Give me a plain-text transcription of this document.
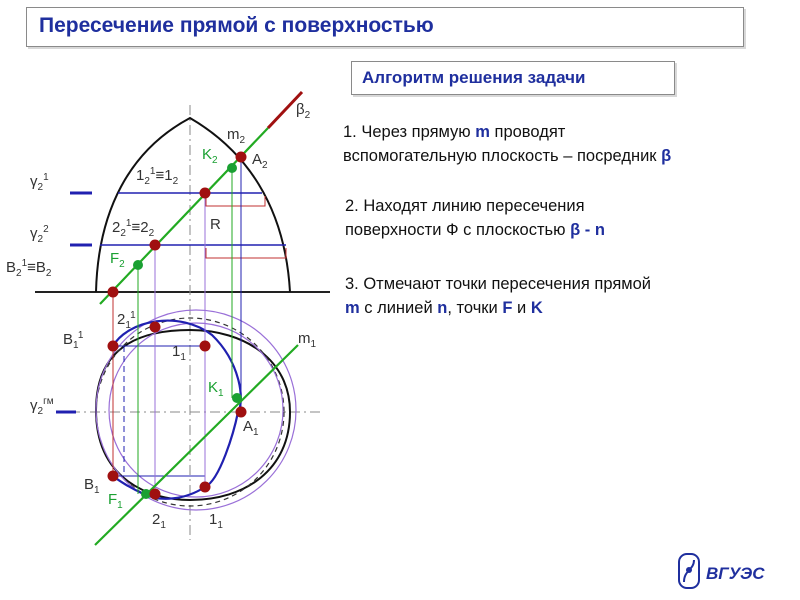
Пересечение прямой с поверхностью
Алгоритм решения задачи
1. Через прямую m проводят
вспомогательную плоскость – посредник β
2. Находят линию пересечения
поверхности Ф с плоскостью β - n
3. Отмечают точки пересечения прямой
m с линией n, точки F и K
$\beta_2$
$m_2$
$K_2$ $A_2$
$\gamma_2^1$	$1_2^1\equiv 1_2$
R
$\gamma_2^2$	$2_2^1\equiv 2_2$
$F_2$
$B_2^1\equiv B_2$
$2_1^1$
$B_1^1$	$m_1$
$1_1$
$K_1$
$\gamma_2^{гм}$
$A_1$
$B_1$
$F_1$
$2_1$	$1_1$
ВГУЭС
